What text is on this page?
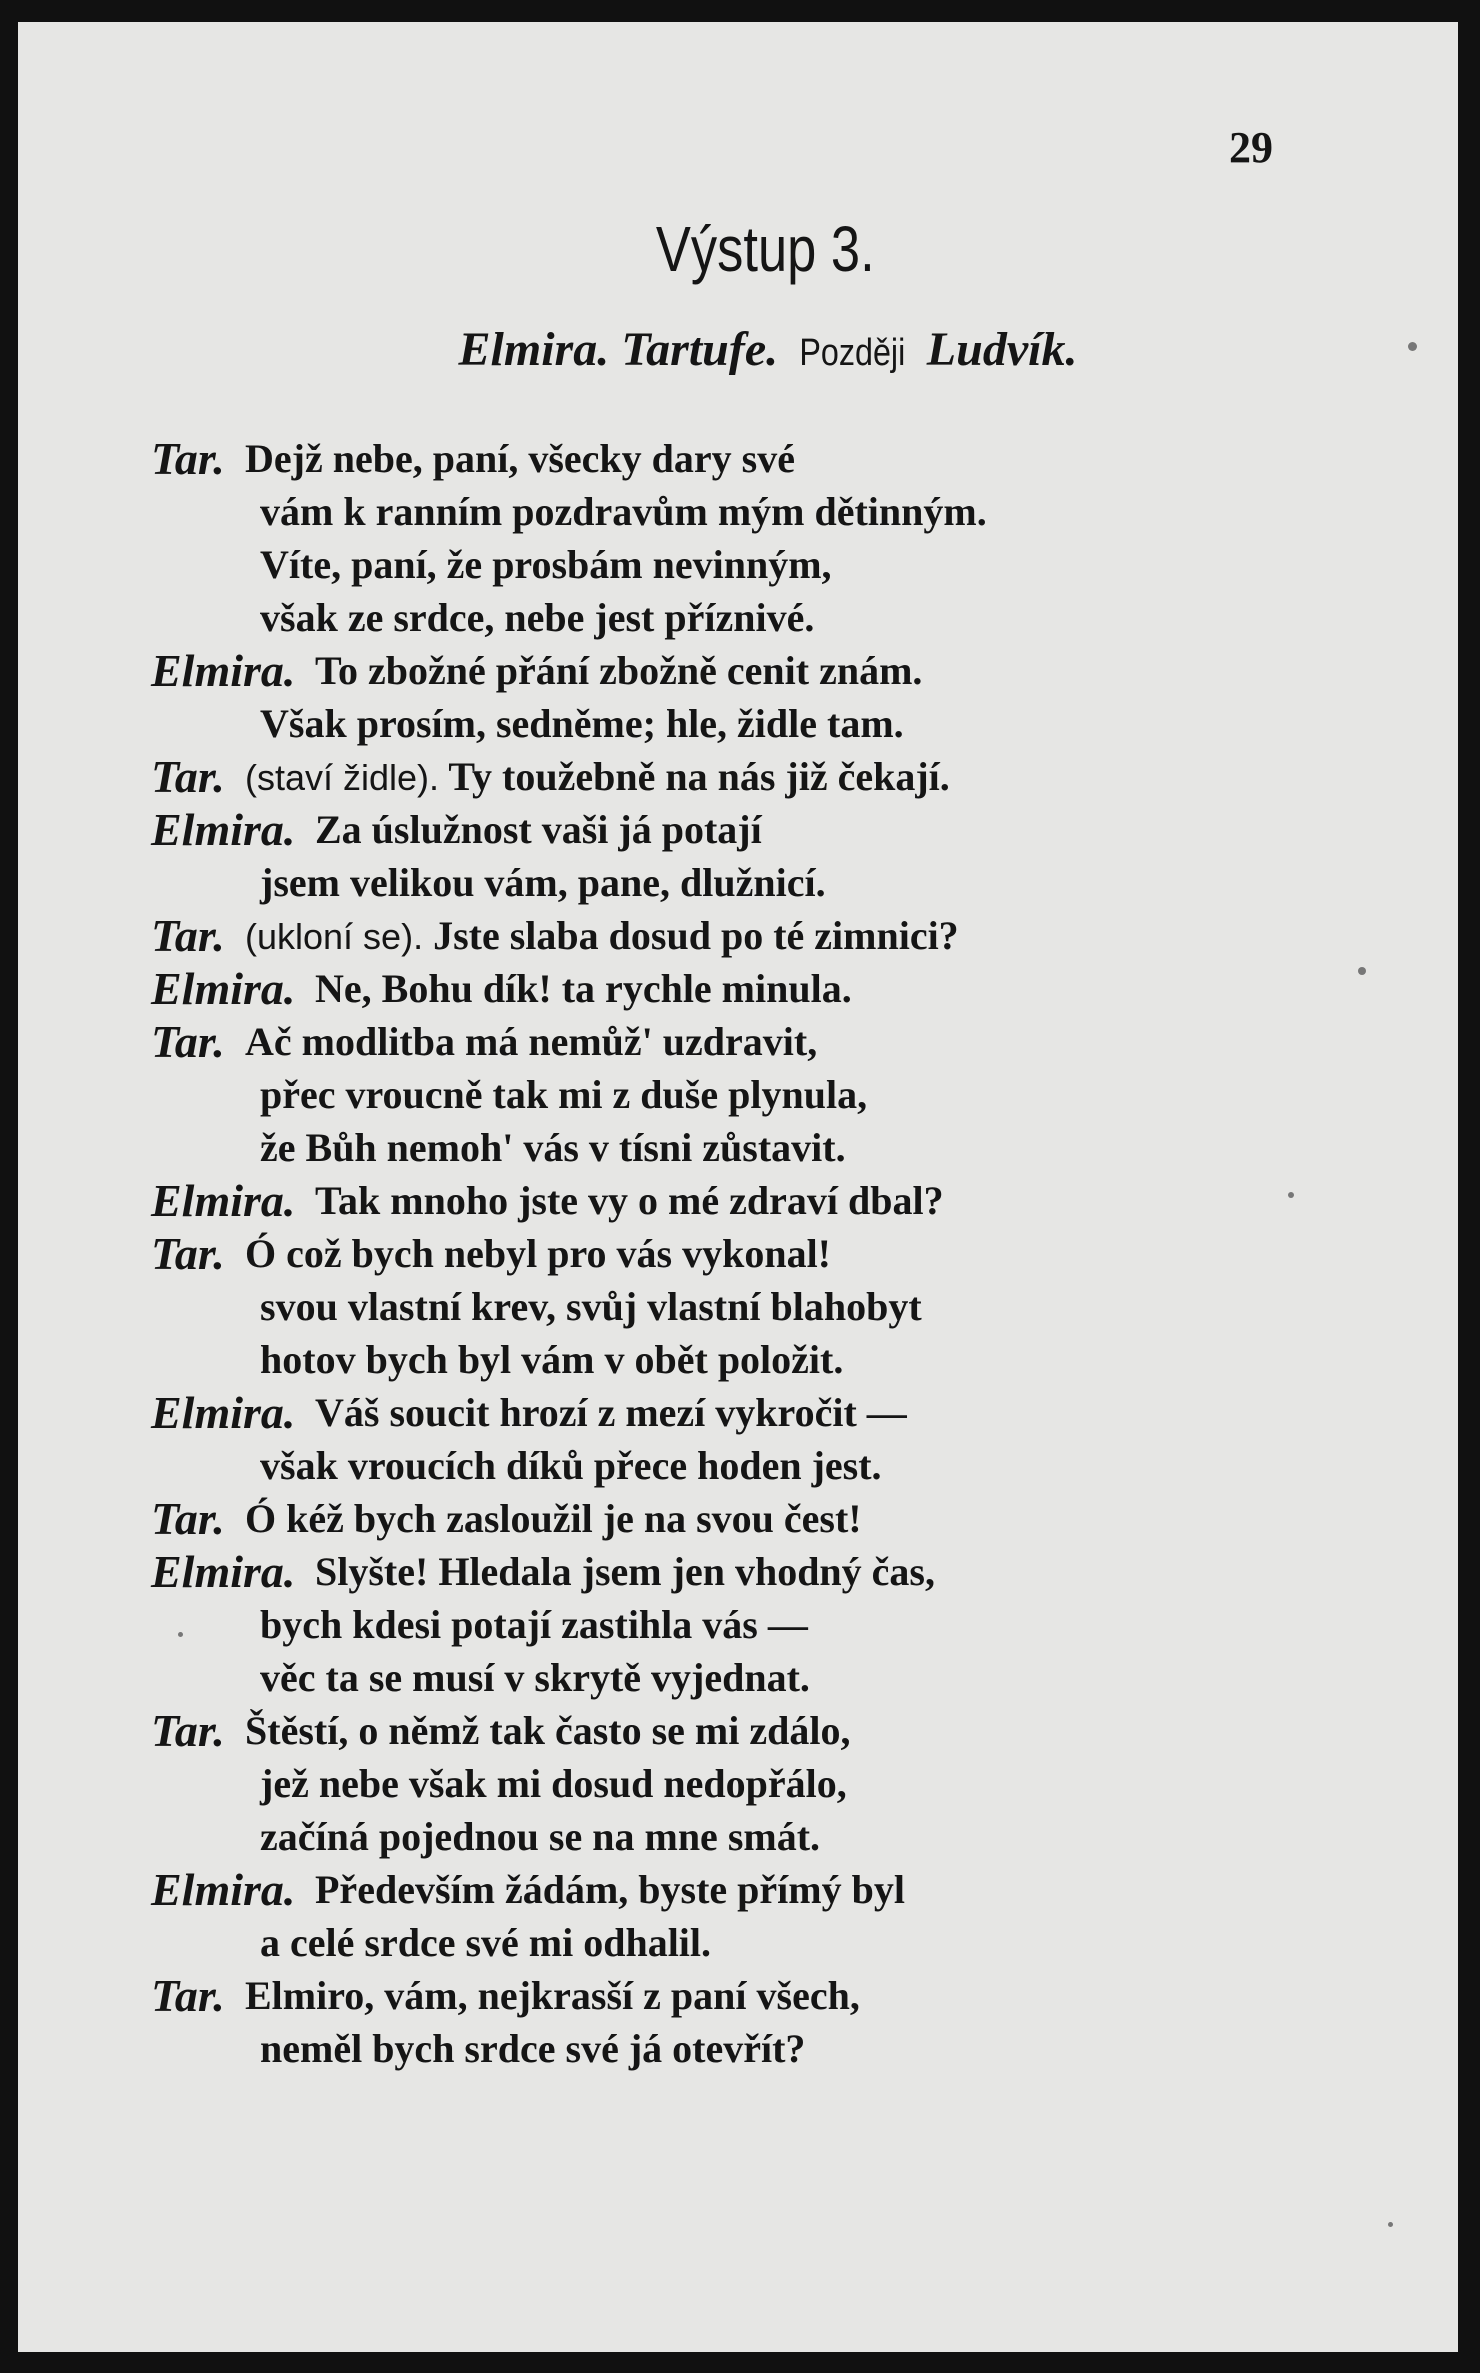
29
Výstup 3.
Elmira. Tartufe. Později Ludvík.
Tar. Dejž nebe, paní, všecky dary své
vám k ranním pozdravům mým dětinným.
Víte, paní, že prosbám nevinným,
však ze srdce, nebe jest příznivé.
Elmira. To zbožné přání zbožně cenit znám.
Však prosím, sedněme; hle, židle tam.
Tar. (staví židle). Ty toužebně na nás již čekají.
Elmira. Za úslužnost vaši já potají
jsem velikou vám, pane, dlužnicí.
Tar. (ukloní se). Jste slaba dosud po té zimnici?
Elmira. Ne, Bohu dík! ta rychle minula.
Tar. Ač modlitba má nemůž' uzdravit,
přec vroucně tak mi z duše plynula,
že Bůh nemoh' vás v tísni zůstavit.
Elmira. Tak mnoho jste vy o mé zdraví dbal?
Tar. Ó což bych nebyl pro vás vykonal!
svou vlastní krev, svůj vlastní blahobyt
hotov bych byl vám v obět položit.
Elmira. Váš soucit hrozí z mezí vykročit —
však vroucích díků přece hoden jest.
Tar. Ó kéž bych zasloužil je na svou čest!
Elmira. Slyšte! Hledala jsem jen vhodný čas,
bych kdesi potají zastihla vás —
věc ta se musí v skrytě vyjednat.
Tar. Štěstí, o němž tak často se mi zdálo,
jež nebe však mi dosud nedopřálo,
začíná pojednou se na mne smát.
Elmira. Především žádám, byste přímý byl
a celé srdce své mi odhalil.
Tar. Elmiro, vám, nejkrasší z paní všech,
neměl bych srdce své já otevřít?
